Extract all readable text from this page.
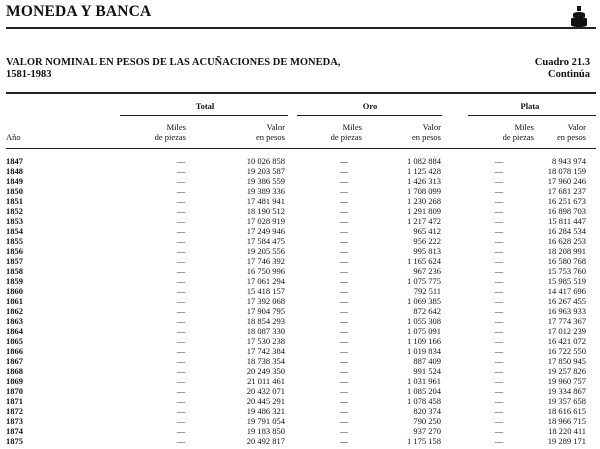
MONEDA Y BANCA
VALOR NOMINAL EN PESOS DE LAS ACUÑACIONES DE MONEDA,
1581-1983
Cuadro 21.3
Continúa
Total	Oro	Plata
Miles
de piezas
Valor
en pesos
Miles
de piezas
Valor
en pesos
Miles
de piezas
Valor
en pesos
Año
1847	—	10 026 858	—	1 082 884	—	8 943 974
1848	—	19 203 587	—	1 125 428	—	18 078 159
1849	—	19 386 559	—	1 426 313	—	17 960 246
1850	—	19 389 336	—	1 708 099	—	17 681 237
1851	—	17 481 941	—	1 230 268	—	16 251 673
1852	—	18 190 512	—	1 291 809	—	16 898 703
1853	—	17 028 919	—	1 217 472	—	15 811 447
1854	—	17 249 946	—	965 412	—	16 284 534
1855	—	17 584 475	—	956 222	—	16 628 253
1856	—	19 205 556	—	995 813	—	18 208 991
1857	—	17 746 392	—	1 165 624	—	16 580 768
1858	—	16 750 996	—	967 236	—	15 753 760
1859	—	17 061 294	—	1 075 775	—	15 985 519
1860	—	15 418 157	—	792 511	—	14 417 696
1861	—	17 392 068	—	1 069 385	—	16 267 455
1862	—	17 904 795	—	872 642	—	16 963 933
1863	—	18 854 293	—	1 055 308	—	17 774 367
1864	—	18 087 330	—	1 075 091	—	17 012 239
1865	—	17 530 238	—	1 109 166	—	16 421 072
1866	—	17 742 384	—	1 019 834	—	16 722 550
1867	—	18 738 354	—	887 409	—	17 850 945
1868	—	20 249 350	—	991 524	—	19 257 826
1869	—	21 011 461	—	1 031 961	—	19 960 757
1870	—	20 432 071	—	1 085 204	—	19 334 867
1871	—	20 445 291	—	1 078 458	—	19 357 658
1872	—	19 486 321	—	820 374	—	18 616 615
1873	—	19 791 054	—	790 250	—	18 966 715
1874	—	19 183 850	—	937 270	—	18 220 411
1875	—	20 492 817	—	1 175 158	—	19 289 171
